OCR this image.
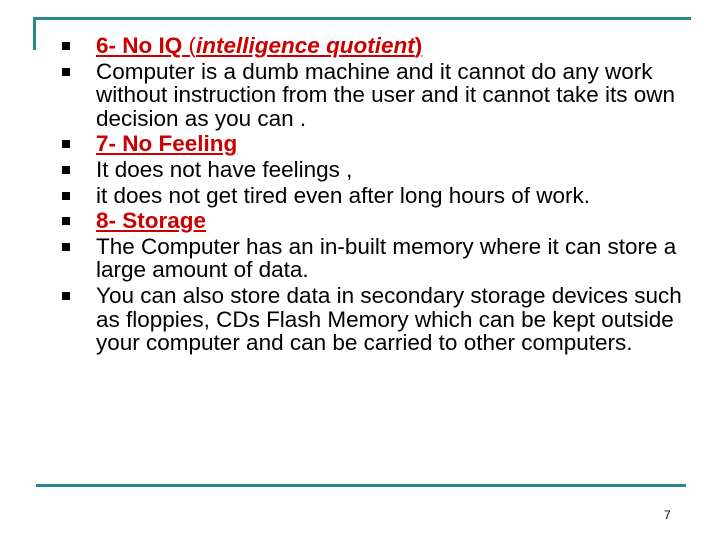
6- No IQ (intelligence quotient)
Computer is a dumb machine and it cannot do any work without instruction from the user and it cannot take its own decision as you can .
7- No Feeling
It does not have feelings ,
it does not get tired even after long hours of work.
8- Storage
The Computer has an in-built memory where it can store a large amount of data.
You can also store data in secondary storage devices such as floppies, CDs Flash Memory which can be kept outside your computer and can be carried to other computers.
7
